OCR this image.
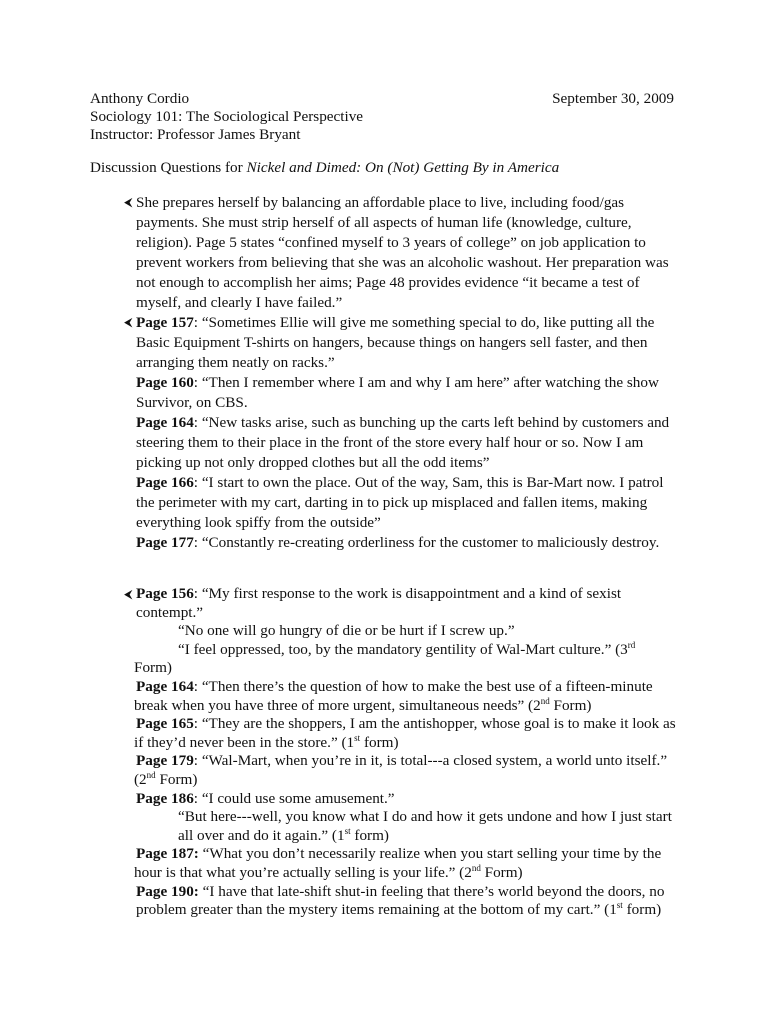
Anthony Cordio	September 30, 2009
Sociology 101: The Sociological Perspective
Instructor: Professor James Bryant
Discussion Questions for Nickel and Dimed: On (Not) Getting By in America
⮜ She prepares herself by balancing an affordable place to live, including food/gas
payments. She must strip herself of all aspects of human life (knowledge, culture,
religion). Page 5 states “confined myself to 3 years of college” on job application to
prevent workers from believing that she was an alcoholic washout. Her preparation was
not enough to accomplish her aims; Page 48 provides evidence “it became a test of
myself, and clearly I have failed.”
⮜ Page 157: “Sometimes Ellie will give me something special to do, like putting all the
Basic Equipment T-shirts on hangers, because things on hangers sell faster, and then
arranging them neatly on racks.”
Page 160: “Then I remember where I am and why I am here” after watching the show
Survivor, on CBS.
Page 164: “New tasks arise, such as bunching up the carts left behind by customers and
steering them to their place in the front of the store every half hour or so. Now I am
picking up not only dropped clothes but all the odd items”
Page 166: “I start to own the place. Out of the way, Sam, this is Bar-Mart now. I patrol
the perimeter with my cart, darting in to pick up misplaced and fallen items, making
everything look spiffy from the outside”
Page 177: “Constantly re-creating orderliness for the customer to maliciously destroy.
⮜ Page 156: “My first response to the work is disappointment and a kind of sexist
contempt.”
“No one will go hungry of die or be hurt if I screw up.”
“I feel oppressed, too, by the mandatory gentility of Wal-Mart culture.” (3rd
Form)
Page 164: “Then there’s the question of how to make the best use of a fifteen-minute
break when you have three of more urgent, simultaneous needs” (2nd Form)
Page 165: “They are the shoppers, I am the antishopper, whose goal is to make it look as
if they’d never been in the store.” (1st form)
Page 179: “Wal-Mart, when you’re in it, is total---a closed system, a world unto itself.”
(2nd Form)
Page 186: “I could use some amusement.”
“But here---well, you know what I do and how it gets undone and how I just start
all over and do it again.” (1st form)
Page 187: “What you don’t necessarily realize when you start selling your time by the
hour is that what you’re actually selling is your life.” (2nd Form)
Page 190: “I have that late-shift shut-in feeling that there’s world beyond the doors, no
problem greater than the mystery items remaining at the bottom of my cart.” (1st form)
